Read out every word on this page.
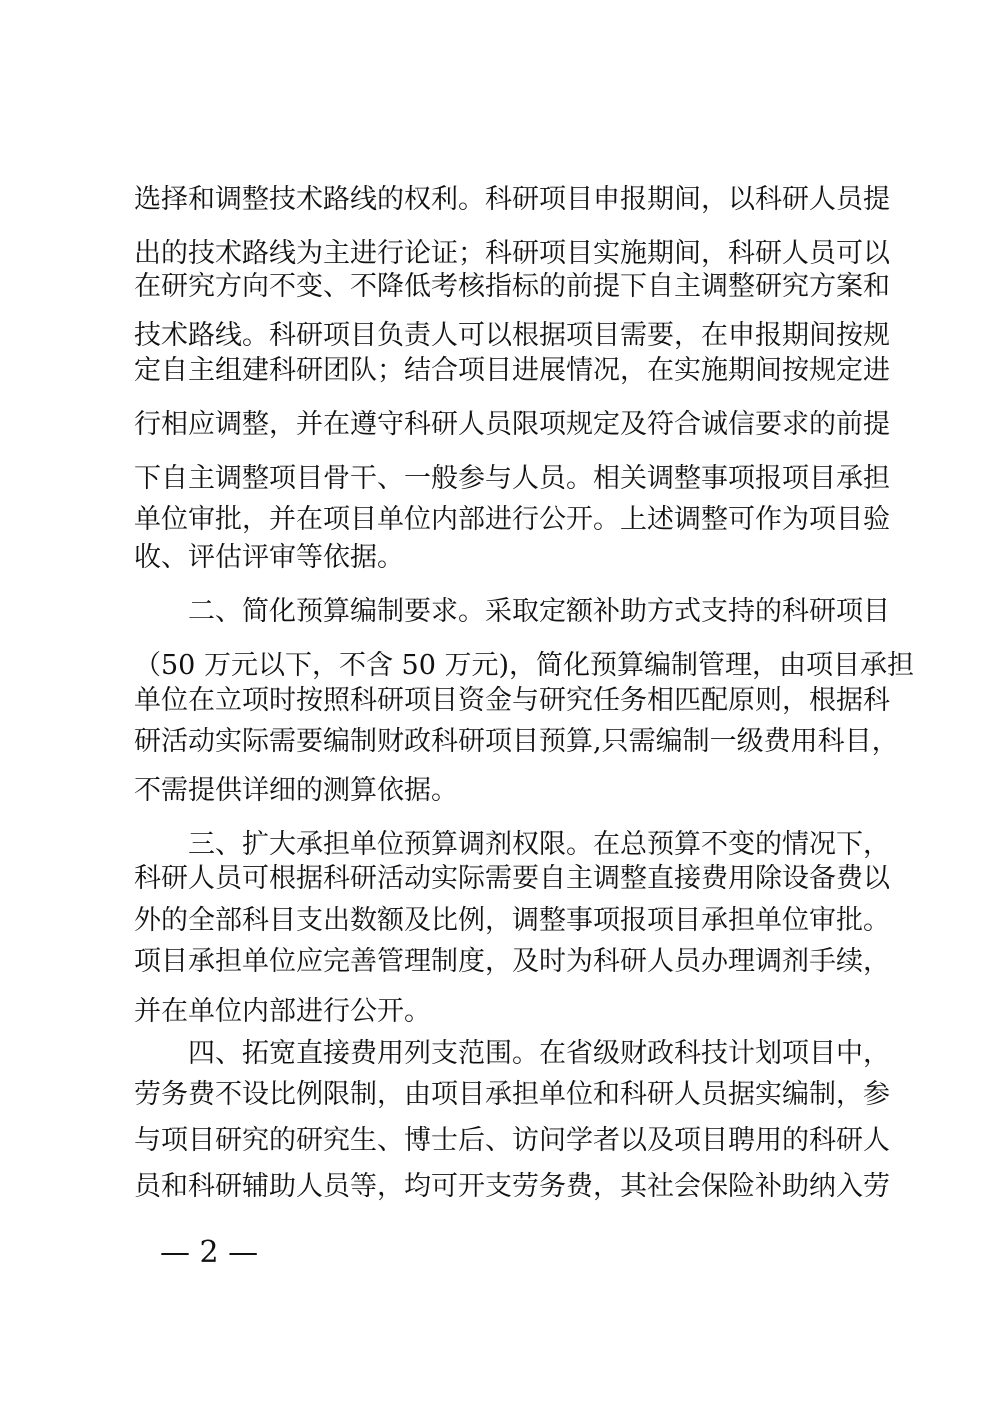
选择和调整技术路线的权利。科研项目申报期间，以科研人员提
出的技术路线为主进行论证；科研项目实施期间，科研人员可以
在研究方向不变、不降低考核指标的前提下自主调整研究方案和
技术路线。科研项目负责人可以根据项目需要，在申报期间按规
定自主组建科研团队；结合项目进展情况，在实施期间按规定进
行相应调整，并在遵守科研人员限项规定及符合诚信要求的前提
下自主调整项目骨干、一般参与人员。相关调整事项报项目承担
单位审批，并在项目单位内部进行公开。上述调整可作为项目验
收、评估评审等依据。
二、简化预算编制要求。采取定额补助方式支持的科研项目
（50 万元以下，不含 50 万元)，简化预算编制管理，由项目承担
单位在立项时按照科研项目资金与研究任务相匹配原则，根据科
研活动实际需要编制财政科研项目预算,只需编制一级费用科目，
不需提供详细的测算依据。
三、扩大承担单位预算调剂权限。在总预算不变的情况下，
科研人员可根据科研活动实际需要自主调整直接费用除设备费以
外的全部科目支出数额及比例，调整事项报项目承担单位审批。
项目承担单位应完善管理制度，及时为科研人员办理调剂手续，
并在单位内部进行公开。
四、拓宽直接费用列支范围。在省级财政科技计划项目中，
劳务费不设比例限制，由项目承担单位和科研人员据实编制，参
与项目研究的研究生、博士后、访问学者以及项目聘用的科研人
员和科研辅助人员等，均可开支劳务费，其社会保险补助纳入劳
— 2 —
